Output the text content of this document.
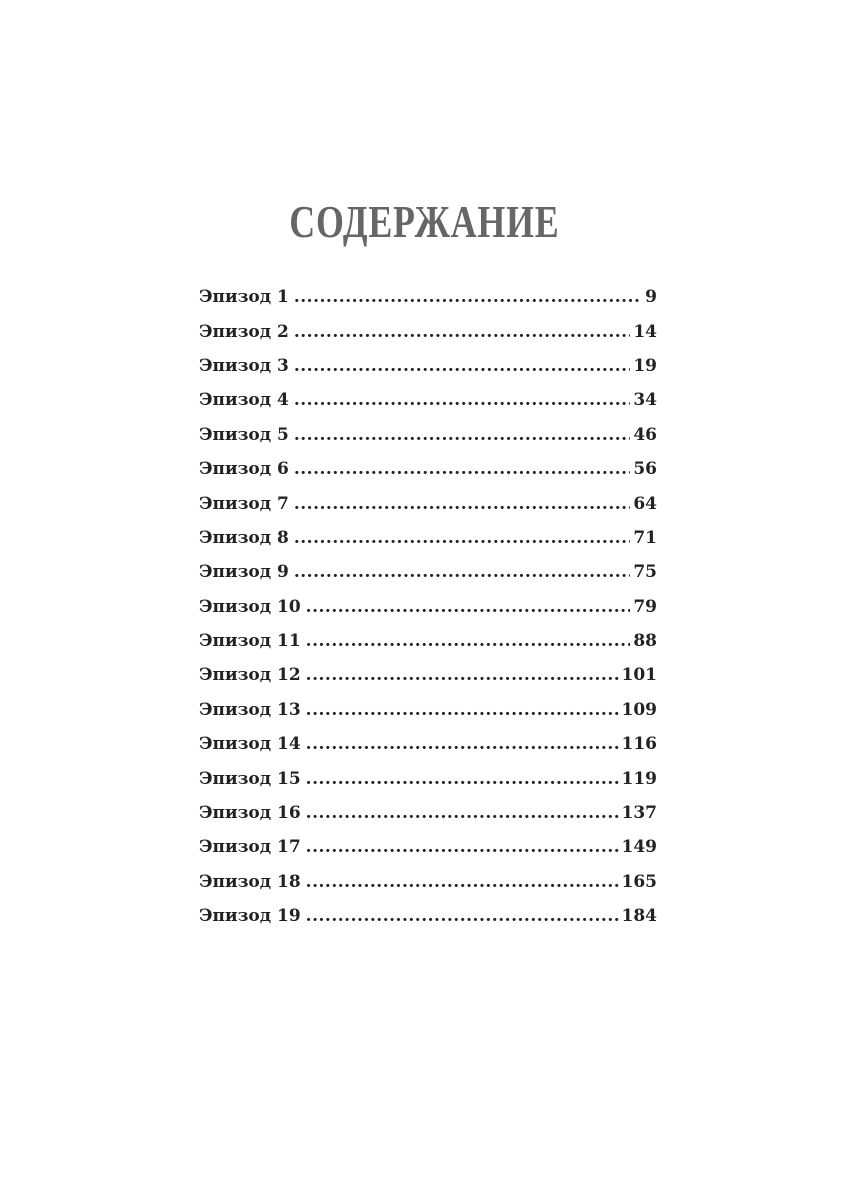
СОДЕРЖАНИЕ
Эпизод 1 .....	9
Эпизод 2 .....	14
Эпизод 3 .....	19
Эпизод 4 .....	34
Эпизод 5 .....	46
Эпизод 6 .....	56
Эпизод 7 .....	64
Эпизод 8 .....	71
Эпизод 9 .....	75
Эпизод 10 .....	79
Эпизод 11 .....	88
Эпизод 12 .....	101
Эпизод 13 .....	109
Эпизод 14 .....	116
Эпизод 15 .....	119
Эпизод 16 .....	137
Эпизод 17 .....	149
Эпизод 18 .....	165
Эпизод 19 .....	184
